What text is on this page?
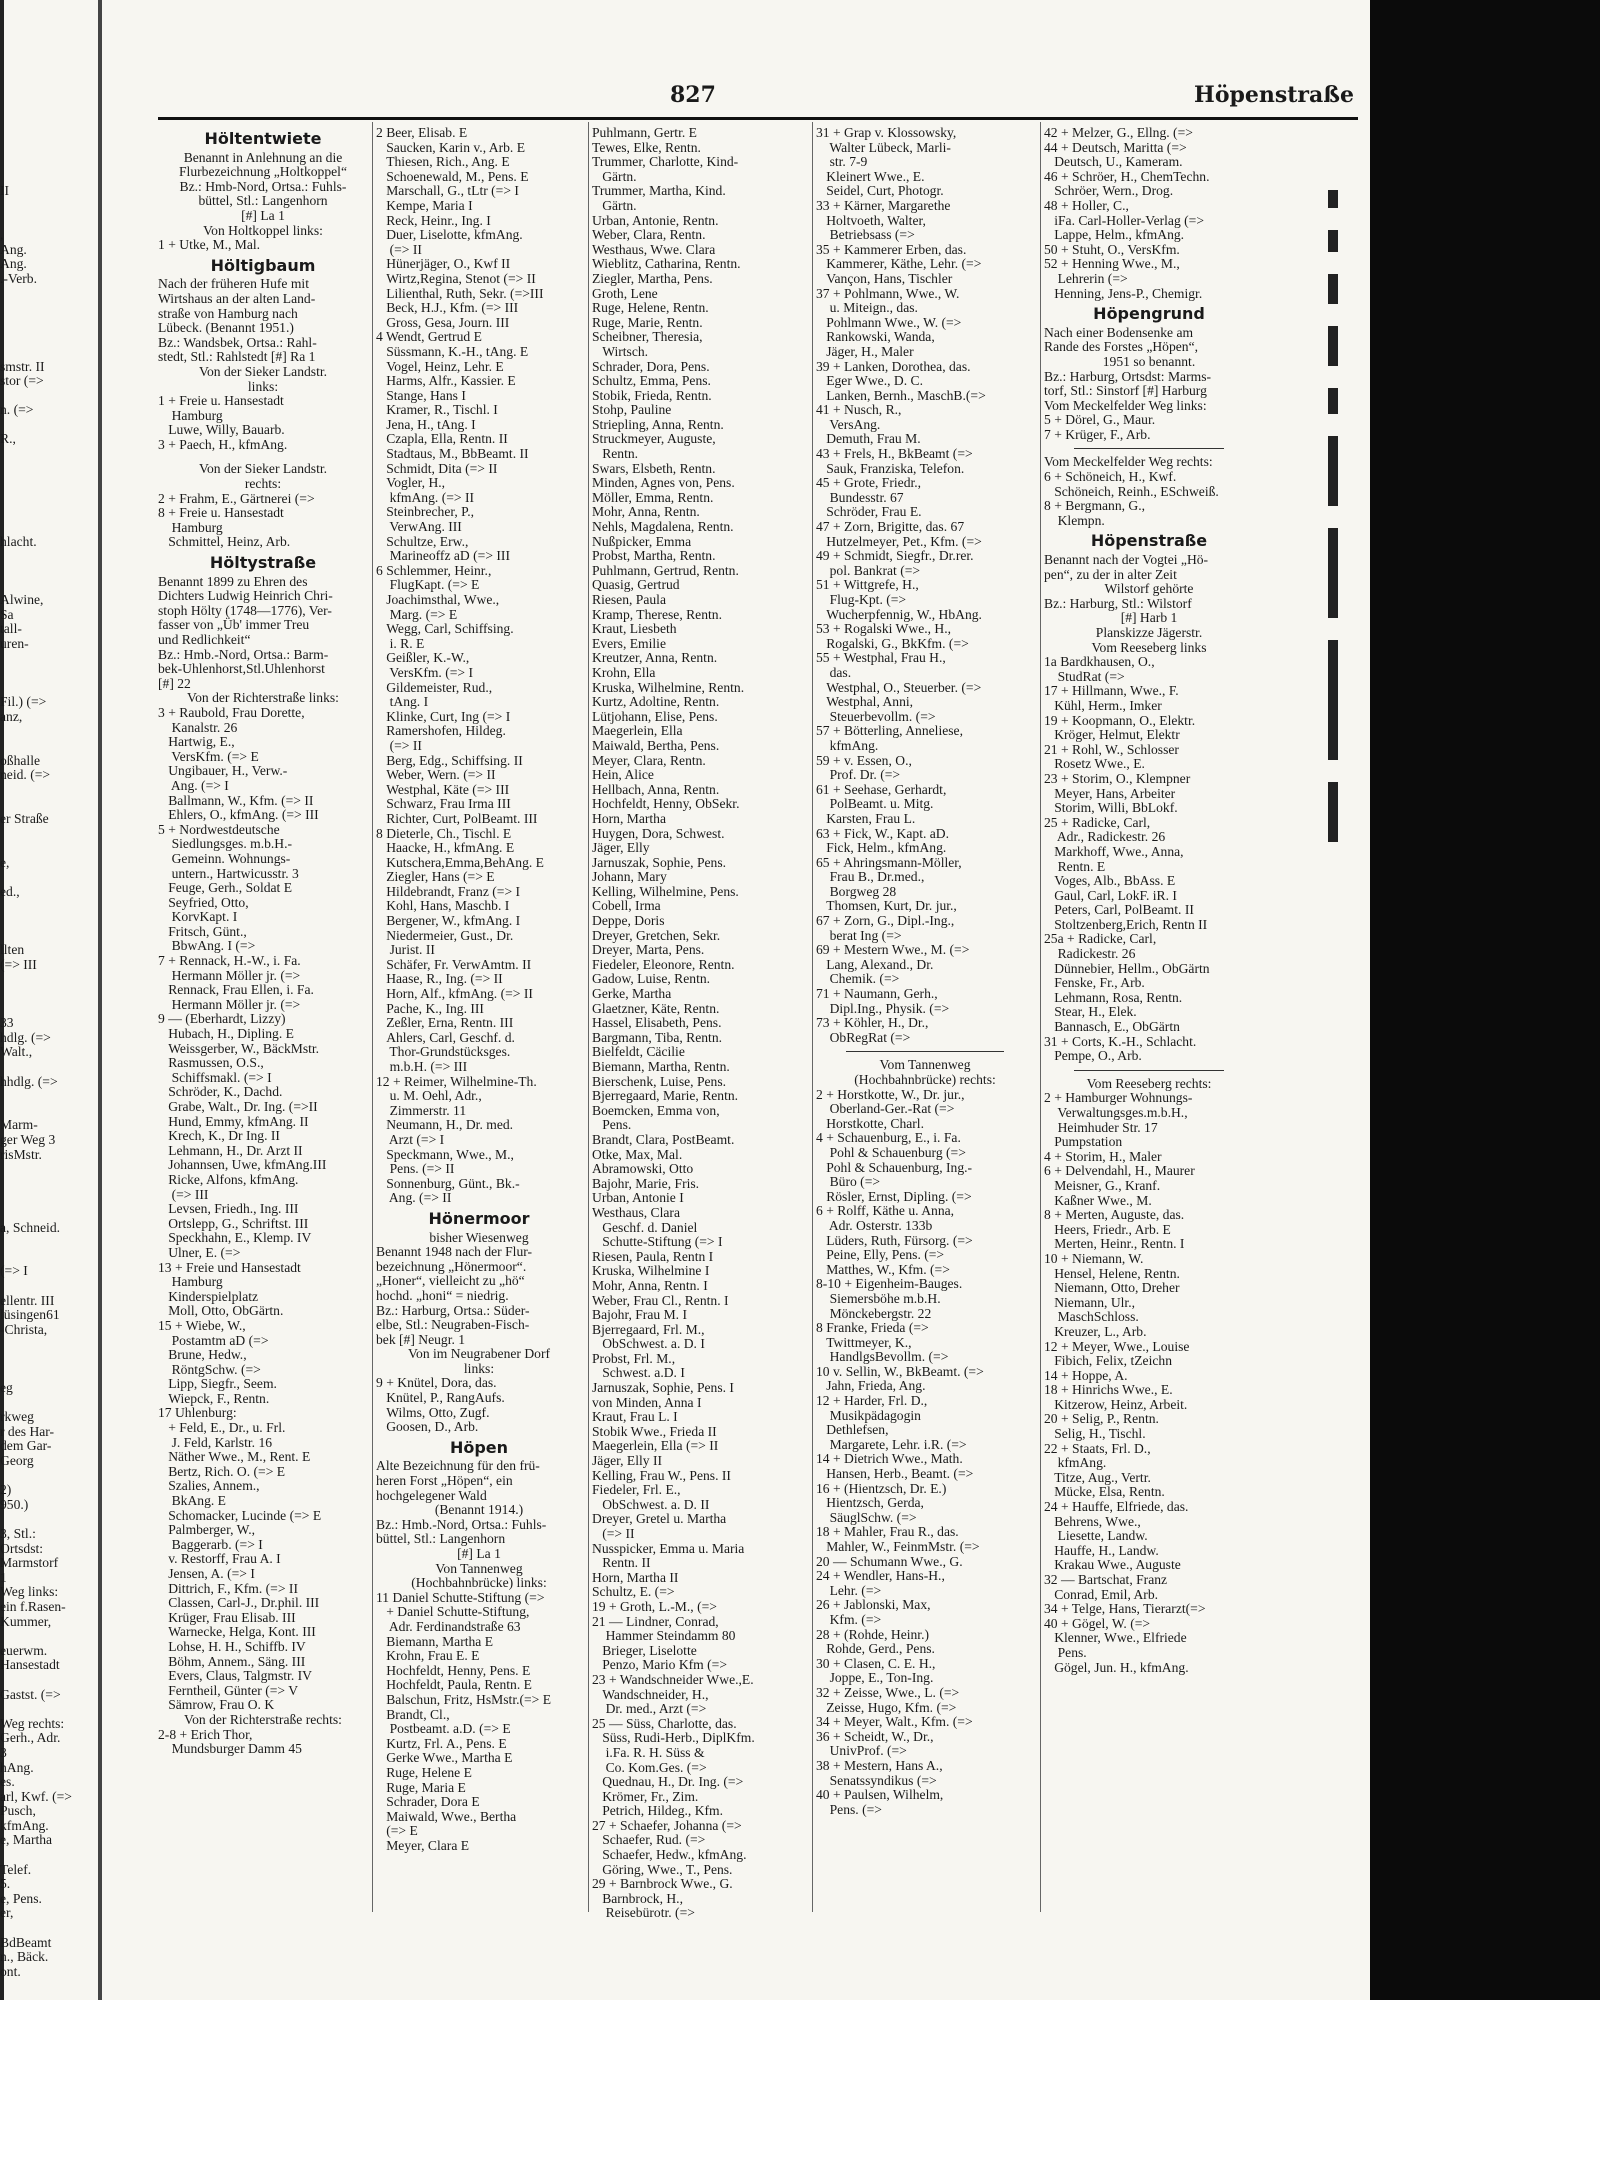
827	Höpenstraße

II

,
Ang.
Ang.
.-Verb.

smstr. II
stor (=>

n. (=>

R.,

hlacht.

Alwine,
Sa
tall-
uren-

Fil.) (=>
anz,

oßhalle
neid. (=>

er Straße

e,

ed.,

llten
(=> III

33
hdlg. (=>
Walt.,

hhdlg. (=>

Marm-
ger Weg 3
risMstr.

a, Schneid.

(=> I

ellentr. III
lüsingen61
-Christa,

eg

rkweg
r des Har-
dem Gar-
Georg

2)
950.)

3, Stl.:
Ortsdst:
Marmstorf
1
Weg links:
ein f.Rasen-
Kummer,

euerwm.
Hansestadt

Gastst. (=>

Weg rechts:
Gerh., Adr.
3
hAng.
es.
arl, Kwf. (=>
Pusch,
kfmAng.
e, Martha

Telef.
5.
e, Pens.
er,

BdBeamt
n., Bäck.
ont.
Höltentwiete
Benannt in Anlehnung an die
Flurbezeichnung „Holtkoppel“
Bz.: Hmb-Nord, Ortsa.: Fuhls-
büttel, Stl.: Langenhorn
[#] La 1
Von Holtkoppel links:
1 + Utke, M., Mal.
Höltigbaum
Nach der früheren Hufe mit
Wirtshaus an der alten Land-
straße von Hamburg nach
Lübeck. (Benannt 1951.)
Bz.: Wandsbek, Ortsa.: Rahl-
stedt, Stl.: Rahlstedt [#] Ra 1
Von der Sieker Landstr.
links:
1 + Freie u. Hansestadt
Hamburg
Luwe, Willy, Bauarb.
3 + Paech, H., kfmAng.
Von der Sieker Landstr.
rechts:
2 + Frahm, E., Gärtnerei (=>
8 + Freie u. Hansestadt
Hamburg
Schmittel, Heinz, Arb.
Höltystraße
Benannt 1899 zu Ehren des
Dichters Ludwig Heinrich Chri-
stoph Hölty (1748—1776), Ver-
fasser von „Üb' immer Treu
und Redlichkeit“
Bz.: Hmb.-Nord, Ortsa.: Barm-
bek-Uhlenhorst,Stl.Uhlenhorst
[#] 22
Von der Richterstraße links:
3 + Raubold, Frau Dorette,
Kanalstr. 26
Hartwig, E.,
VersKfm. (=> E
Ungibauer, H., Verw.-
Ang. (=> I
Ballmann, W., Kfm. (=> II
Ehlers, O., kfmAng. (=> III
5 + Nordwestdeutsche
Siedlungsges. m.b.H.-
Gemeinn. Wohnungs-
untern., Hartwicusstr. 3
Feuge, Gerh., Soldat E
Seyfried, Otto,
KorvKapt. I
Fritsch, Günt.,
BbwAng. I (=>
7 + Rennack, H.-W., i. Fa.
Hermann Möller jr. (=>
Rennack, Frau Ellen, i. Fa.
Hermann Möller jr. (=>
9 — (Eberhardt, Lizzy)
Hubach, H., Dipling. E
Weissgerber, W., BäckMstr.
Rasmussen, O.S.,
Schiffsmakl. (=> I
Schröder, K., Dachd.
Grabe, Walt., Dr. Ing. (=>II
Hund, Emmy, kfmAng. II
Krech, K., Dr Ing. II
Lehmann, H., Dr. Arzt II
Johannsen, Uwe, kfmAng.III
Ricke, Alfons, kfmAng.
(=> III
Levsen, Friedh., Ing. III
Ortslepp, G., Schriftst. III
Speckhahn, E., Klemp. IV
Ulner, E. (=>
13 + Freie und Hansestadt
Hamburg
Kinderspielplatz
Moll, Otto, ObGärtn.
15 + Wiebe, W.,
Postamtm aD (=>
Brune, Hedw.,
RöntgSchw. (=>
Lipp, Siegfr., Seem.
Wiepck, F., Rentn.
17 Uhlenburg:
+ Feld, E., Dr., u. Frl.
J. Feld, Karlstr. 16
Näther Wwe., M., Rent. E
Bertz, Rich. O. (=> E
Szalies, Annem.,
BkAng. E
Schomacker, Lucinde (=> E
Palmberger, W.,
Baggerarb. (=> I
v. Restorff, Frau A. I
Jensen, A. (=> I
Dittrich, F., Kfm. (=> II
Classen, Carl-J., Dr.phil. III
Krüger, Frau Elisab. III
Warnecke, Helga, Kont. III
Lohse, H. H., Schiffb. IV
Böhm, Annem., Säng. III
Evers, Claus, Talgmstr. IV
Ferntheil, Günter (=> V
Sämrow, Frau O. K
Von der Richterstraße rechts:
2-8 + Erich Thor,
Mundsburger Damm 45
2 Beer, Elisab. E
Saucken, Karin v., Arb. E
Thiesen, Rich., Ang. E
Schoenewald, M., Pens. E
Marschall, G., tLtr (=> I
Kempe, Maria I
Reck, Heinr., Ing. I
Duer, Liselotte, kfmAng.
(=> II
Hünerjäger, O., Kwf II
Wirtz,Regina, Stenot (=> II
Lilienthal, Ruth, Sekr. (=>III
Beck, H.J., Kfm. (=> III
Gross, Gesa, Journ. III
4 Wendt, Gertrud E
Süssmann, K.-H., tAng. E
Vogel, Heinz, Lehr. E
Harms, Alfr., Kassier. E
Stange, Hans I
Kramer, R., Tischl. I
Jena, H., tAng. I
Czapla, Ella, Rentn. II
Stadtaus, M., BbBeamt. II
Schmidt, Dita (=> II
Vogler, H.,
kfmAng. (=> II
Steinbrecher, P.,
VerwAng. III
Schultze, Erw.,
Marineoffz aD (=> III
6 Schlemmer, Heinr.,
FlugKapt. (=> E
Joachimsthal, Wwe.,
Marg. (=> E
Wegg, Carl, Schiffsing.
i. R. E
Geißler, K.-W.,
VersKfm. (=> I
Gildemeister, Rud.,
tAng. I
Klinke, Curt, Ing (=> I
Ramershofen, Hildeg.
(=> II
Berg, Edg., Schiffsing. II
Weber, Wern. (=> II
Westphal, Käte (=> III
Schwarz, Frau Irma III
Richter, Curt, PolBeamt. III
8 Dieterle, Ch., Tischl. E
Haacke, H., kfmAng. E
Kutschera,Emma,BehAng. E
Ziegler, Hans (=> E
Hildebrandt, Franz (=> I
Kohl, Hans, Maschb. I
Bergener, W., kfmAng. I
Niedermeier, Gust., Dr.
Jurist. II
Schäfer, Fr. VerwAmtm. II
Haase, R., Ing. (=> II
Horn, Alf., kfmAng. (=> II
Pache, K., Ing. III
Zeßler, Erna, Rentn. III
Ahlers, Carl, Geschf. d.
Thor-Grundstücksges.
m.b.H. (=> III
12 + Reimer, Wilhelmine-Th.
u. M. Oehl, Adr.,
Zimmerstr. 11
Neumann, H., Dr. med.
Arzt (=> I
Speckmann, Wwe., M.,
Pens. (=> II
Sonnenburg, Günt., Bk.-
Ang. (=> II
Hönermoor
bisher Wiesenweg
Benannt 1948 nach der Flur-
bezeichnung „Hönermoor“.
„Honer“, vielleicht zu „hö“
hochd. „honi“ = niedrig.
Bz.: Harburg, Ortsa.: Süder-
elbe, Stl.: Neugraben-Fisch-
bek [#] Neugr. 1
Von im Neugrabener Dorf
links:
9 + Knütel, Dora, das.
Knütel, P., RangAufs.
Wilms, Otto, Zugf.
Goosen, D., Arb.
Höpen
Alte Bezeichnung für den frü-
heren Forst „Höpen“, ein
hochgelegener Wald
(Benannt 1914.)
Bz.: Hmb.-Nord, Ortsa.: Fuhls-
büttel, Stl.: Langenhorn
[#] La 1
Von Tannenweg
(Hochbahnbrücke) links:
11 Daniel Schutte-Stiftung (=>
+ Daniel Schutte-Stiftung,
Adr. Ferdinandstraße 63
Biemann, Martha E
Krohn, Frau E. E
Hochfeldt, Henny, Pens. E
Hochfeldt, Paula, Rentn. E
Balschun, Fritz, HsMstr.(=> E
Brandt, Cl.,
Postbeamt. a.D. (=> E
Kurtz, Frl. A., Pens. E
Gerke Wwe., Martha E
Ruge, Helene E
Ruge, Maria E
Schrader, Dora E
Maiwald, Wwe., Bertha
(=> E
Meyer, Clara E
Puhlmann, Gertr. E
Tewes, Elke, Rentn.
Trummer, Charlotte, Kind-
Gärtn.
Trummer, Martha, Kind.
Gärtn.
Urban, Antonie, Rentn.
Weber, Clara, Rentn.
Westhaus, Wwe. Clara
Wieblitz, Catharina, Rentn.
Ziegler, Martha, Pens.
Groth, Lene
Ruge, Helene, Rentn.
Ruge, Marie, Rentn.
Scheibner, Theresia,
Wirtsch.
Schrader, Dora, Pens.
Schultz, Emma, Pens.
Stobik, Frieda, Rentn.
Stohp, Pauline
Striepling, Anna, Rentn.
Struckmeyer, Auguste,
Rentn.
Swars, Elsbeth, Rentn.
Minden, Agnes von, Pens.
Möller, Emma, Rentn.
Mohr, Anna, Rentn.
Nehls, Magdalena, Rentn.
Nußpicker, Emma
Probst, Martha, Rentn.
Puhlmann, Gertrud, Rentn.
Quasig, Gertrud
Riesen, Paula
Kramp, Therese, Rentn.
Kraut, Liesbeth
Evers, Emilie
Kreutzer, Anna, Rentn.
Krohn, Ella
Kruska, Wilhelmine, Rentn.
Kurtz, Adoltine, Rentn.
Lütjohann, Elise, Pens.
Maegerlein, Ella
Maiwald, Bertha, Pens.
Meyer, Clara, Rentn.
Hein, Alice
Hellbach, Anna, Rentn.
Hochfeldt, Henny, ObSekr.
Horn, Martha
Huygen, Dora, Schwest.
Jäger, Elly
Jarnuszak, Sophie, Pens.
Johann, Mary
Kelling, Wilhelmine, Pens.
Cobell, Irma
Deppe, Doris
Dreyer, Gretchen, Sekr.
Dreyer, Marta, Pens.
Fiedeler, Eleonore, Rentn.
Gadow, Luise, Rentn.
Gerke, Martha
Glaetzner, Käte, Rentn.
Hassel, Elisabeth, Pens.
Bargmann, Tiba, Rentn.
Bielfeldt, Cäcilie
Biemann, Martha, Rentn.
Bierschenk, Luise, Pens.
Bjerregaard, Marie, Rentn.
Boemcken, Emma von,
Pens.
Brandt, Clara, PostBeamt.
Otke, Max, Mal.
Abramowski, Otto
Bajohr, Marie, Fris.
Urban, Antonie I
Westhaus, Clara
Geschf. d. Daniel
Schutte-Stiftung (=> I
Riesen, Paula, Rentn I
Kruska, Wilhelmine I
Mohr, Anna, Rentn. I
Weber, Frau Cl., Rentn. I
Bajohr, Frau M. I
Bjerregaard, Frl. M.,
ObSchwest. a. D. I
Probst, Frl. M.,
Schwest. a.D. I
Jarnuszak, Sophie, Pens. I
von Minden, Anna I
Kraut, Frau L. I
Stobik Wwe., Frieda II
Maegerlein, Ella (=> II
Jäger, Elly II
Kelling, Frau W., Pens. II
Fiedeler, Frl. E.,
ObSchwest. a. D. II
Dreyer, Gretel u. Martha
(=> II
Nusspicker, Emma u. Maria
Rentn. II
Horn, Martha II
Schultz, E. (=>
19 + Groth, L.-M., (=>
21 — Lindner, Conrad,
Hammer Steindamm 80
Brieger, Liselotte
Penzo, Mario Kfm (=>
23 + Wandschneider Wwe.,E.
Wandschneider, H.,
Dr. med., Arzt (=>
25 — Süss, Charlotte, das.
Süss, Rudi-Herb., DiplKfm.
i.Fa. R. H. Süss &
Co. Kom.Ges. (=>
Quednau, H., Dr. Ing. (=>
Krömer, Fr., Zim.
Petrich, Hildeg., Kfm.
27 + Schaefer, Johanna (=>
Schaefer, Rud. (=>
Schaefer, Hedw., kfmAng.
Göring, Wwe., T., Pens.
29 + Barnbrock Wwe., G.
Barnbrock, H.,
Reisebürotr. (=>
31 + Grap v. Klossowsky,
Walter Lübeck, Marli-
str. 7-9
Kleinert Wwe., E.
Seidel, Curt, Photogr.
33 + Kärner, Margarethe
Holtvoeth, Walter,
Betriebsass (=>
35 + Kammerer Erben, das.
Kammerer, Käthe, Lehr. (=>
Vançon, Hans, Tischler
37 + Pohlmann, Wwe., W.
u. Miteign., das.
Pohlmann Wwe., W. (=>
Rankowski, Wanda,
Jäger, H., Maler
39 + Lanken, Dorothea, das.
Eger Wwe., D. C.
Lanken, Bernh., MaschB.(=>
41 + Nusch, R.,
VersAng.
Demuth, Frau M.
43 + Frels, H., BkBeamt (=>
Sauk, Franziska, Telefon.
45 + Grote, Friedr.,
Bundesstr. 67
Schröder, Frau E.
47 + Zorn, Brigitte, das. 67
Hutzelmeyer, Pet., Kfm. (=>
49 + Schmidt, Siegfr., Dr.rer.
pol. Bankrat (=>
51 + Wittgrefe, H.,
Flug-Kpt. (=>
Wucherpfennig, W., HbAng.
53 + Rogalski Wwe., H.,
Rogalski, G., BkKfm. (=>
55 + Westphal, Frau H.,
das.
Westphal, O., Steuerber. (=>
Westphal, Anni,
Steuerbevollm. (=>
57 + Bötterling, Anneliese,
kfmAng.
59 + v. Essen, O.,
Prof. Dr. (=>
61 + Seehase, Gerhardt,
PolBeamt. u. Mitg.
Karsten, Frau L.
63 + Fick, W., Kapt. aD.
Fick, Helm., kfmAng.
65 + Ahringsmann-Möller,
Frau B., Dr.med.,
Borgweg 28
Thomsen, Kurt, Dr. jur.,
67 + Zorn, G., Dipl.-Ing.,
berat Ing (=>
69 + Mestern Wwe., M. (=>
Lang, Alexand., Dr.
Chemik. (=>
71 + Naumann, Gerh.,
Dipl.Ing., Physik. (=>
73 + Köhler, H., Dr.,
ObRegRat (=>
Vom Tannenweg
(Hochbahnbrücke) rechts:
2 + Horstkotte, W., Dr. jur.,
Oberland-Ger.-Rat (=>
Horstkotte, Charl.
4 + Schauenburg, E., i. Fa.
Pohl & Schauenburg (=>
Pohl & Schauenburg, Ing.-
Büro (=>
Rösler, Ernst, Dipling. (=>
6 + Rolff, Käthe u. Anna,
Adr. Osterstr. 133b
Lüders, Ruth, Fürsorg. (=>
Peine, Elly, Pens. (=>
Matthes, W., Kfm. (=>
8-10 + Eigenheim-Bauges.
Siemersböhe m.b.H.
Mönckebergstr. 22
8 Franke, Frieda (=>
Twittmeyer, K.,
HandlgsBevollm. (=>
10 v. Sellin, W., BkBeamt. (=>
Jahn, Frieda, Ang.
12 + Harder, Frl. D.,
Musikpädagogin
Dethlefsen,
Margarete, Lehr. i.R. (=>
14 + Dietrich Wwe., Math.
Hansen, Herb., Beamt. (=>
16 + (Hientzsch, Dr. E.)
Hientzsch, Gerda,
SäuglSchw. (=>
18 + Mahler, Frau R., das.
Mahler, W., FeinmMstr. (=>
20 — Schumann Wwe., G.
24 + Wendler, Hans-H.,
Lehr. (=>
26 + Jablonski, Max,
Kfm. (=>
28 + (Rohde, Heinr.)
Rohde, Gerd., Pens.
30 + Clasen, C. E. H.,
Joppe, E., Ton-Ing.
32 + Zeisse, Wwe., L. (=>
Zeisse, Hugo, Kfm. (=>
34 + Meyer, Walt., Kfm. (=>
36 + Scheidt, W., Dr.,
UnivProf. (=>
38 + Mestern, Hans A.,
Senatssyndikus (=>
40 + Paulsen, Wilhelm,
Pens. (=>
42 + Melzer, G., Ellng. (=>
44 + Deutsch, Maritta (=>
Deutsch, U., Kameram.
46 + Schröer, H., ChemTechn.
Schröer, Wern., Drog.
48 + Holler, C.,
iFa. Carl-Holler-Verlag (=>
Lappe, Helm., kfmAng.
50 + Stuht, O., VersKfm.
52 + Henning Wwe., M.,
Lehrerin (=>
Henning, Jens-P., Chemigr.
Höpengrund
Nach einer Bodensenke am
Rande des Forstes „Höpen“,
1951 so benannt.
Bz.: Harburg, Ortsdst: Marms-
torf, Stl.: Sinstorf [#] Harburg
Vom Meckelfelder Weg links:
5 + Dörel, G., Maur.
7 + Krüger, F., Arb.
Vom Meckelfelder Weg rechts:
6 + Schöneich, H., Kwf.
Schöneich, Reinh., ESchweiß.
8 + Bergmann, G.,
Klempn.
Höpenstraße
Benannt nach der Vogtei „Hö-
pen“, zu der in alter Zeit
Wilstorf gehörte
Bz.: Harburg, Stl.: Wilstorf
[#] Harb 1
Planskizze Jägerstr.
Vom Reeseberg links
1a Bardkhausen, O.,
StudRat (=>
17 + Hillmann, Wwe., F.
Kühl, Herm., Imker
19 + Koopmann, O., Elektr.
Kröger, Helmut, Elektr
21 + Rohl, W., Schlosser
Rosetz Wwe., E.
23 + Storim, O., Klempner
Meyer, Hans, Arbeiter
Storim, Willi, BbLokf.
25 + Radicke, Carl,
Adr., Radickestr. 26
Markhoff, Wwe., Anna,
Rentn. E
Voges, Alb., BbAss. E
Gaul, Carl, LokF. iR. I
Peters, Carl, PolBeamt. II
Stoltzenberg,Erich, Rentn II
25a + Radicke, Carl,
Radickestr. 26
Dünnebier, Hellm., ObGärtn
Fenske, Fr., Arb.
Lehmann, Rosa, Rentn.
Stear, H., Elek.
Bannasch, E., ObGärtn
31 + Corts, K.-H., Schlacht.
Pempe, O., Arb.
Vom Reeseberg rechts:
2 + Hamburger Wohnungs-
Verwaltungsges.m.b.H.,
Heimhuder Str. 17
Pumpstation
4 + Storim, H., Maler
6 + Delvendahl, H., Maurer
Meisner, G., Kranf.
Kaßner Wwe., M.
8 + Merten, Auguste, das.
Heers, Friedr., Arb. E
Merten, Heinr., Rentn. I
10 + Niemann, W.
Hensel, Helene, Rentn.
Niemann, Otto, Dreher
Niemann, Ulr.,
MaschSchloss.
Kreuzer, L., Arb.
12 + Meyer, Wwe., Louise
Fibich, Felix, tZeichn
14 + Hoppe, A.
18 + Hinrichs Wwe., E.
Kitzerow, Heinz, Arbeit.
20 + Selig, P., Rentn.
Selig, H., Tischl.
22 + Staats, Frl. D.,
kfmAng.
Titze, Aug., Vertr.
Mücke, Elsa, Rentn.
24 + Hauffe, Elfriede, das.
Behrens, Wwe.,
Liesette, Landw.
Hauffe, H., Landw.
Krakau Wwe., Auguste
32 — Bartschat, Franz
Conrad, Emil, Arb.
34 + Telge, Hans, Tierarzt(=>
40 + Gögel, W. (=>
Klenner, Wwe., Elfriede
Pens.
Gögel, Jun. H., kfmAng.
